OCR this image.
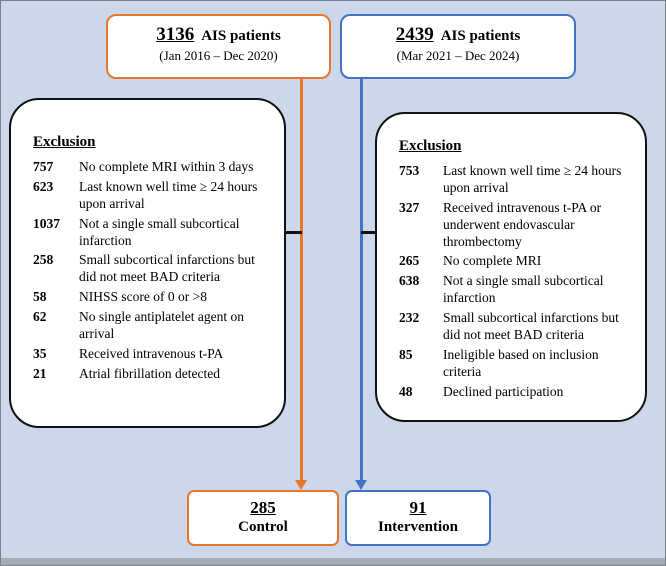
3136 AIS patients
(Jan 2016 – Dec 2020)
2439 AIS patients
(Mar 2021 – Dec 2024)
Exclusion
757	No complete MRI within 3 days
623	Last known well time ≥ 24 hours upon arrival
1037	Not a single small subcortical infarction
258	Small subcortical infarctions but did not meet BAD criteria
58	NIHSS score of 0 or >8
62	No single antiplatelet agent on arrival
35	Received intravenous t-PA
21	Atrial fibrillation detected
Exclusion
753	Last known well time ≥ 24 hours upon arrival
327	Received intravenous t-PA or underwent endovascular thrombectomy
265	No complete MRI
638	Not a single small subcortical infarction
232	Small subcortical infarctions but did not meet BAD criteria
85	Ineligible based on inclusion criteria
48	Declined participation
285
Control
91
Intervention
